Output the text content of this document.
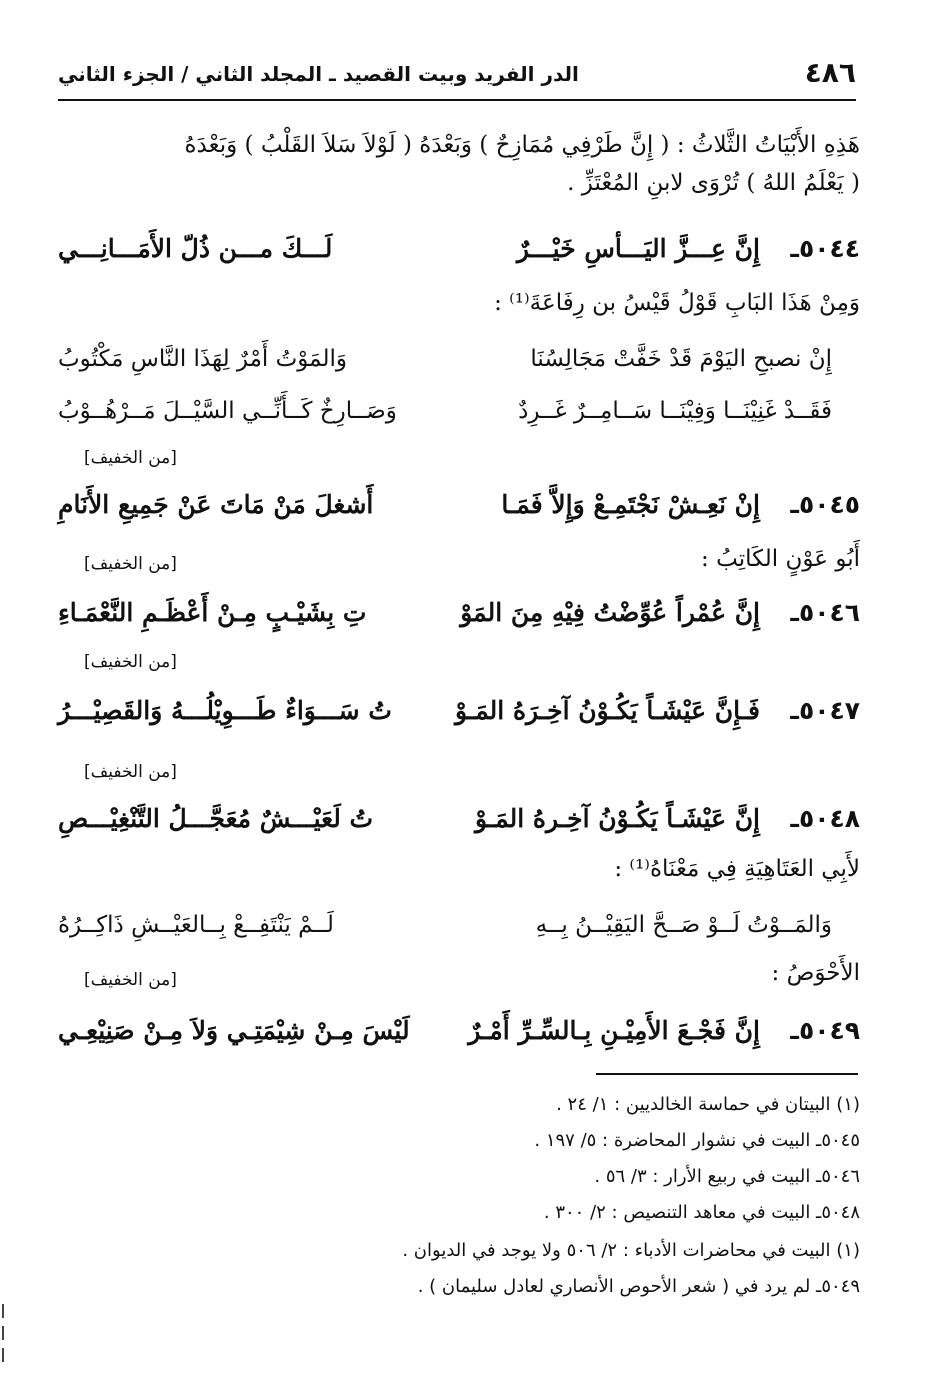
٤٨٦
الدر الفريد وبيت القصيد ـ المجلد الثاني / الجزء الثاني
هَذِهِ الأَبْيَاتُ الثَّلاثُ : ( إِنَّ طَرْفِي مُمَازِحٌ ) وَبَعْدَهُ ( لَوْلاَ سَلاَ القَلْبُ ) وَبَعْدَهُ
( يَعْلَمُ اللهُ ) تُرْوَى لابنِ المُعْتَزِّ .
٥٠٤٤ـ
إِنَّ عِـــزَّ اليَـــأسِ خَيْـــرٌ
لَـــكَ مـــن ذُلّ الأَمَـــانِـــي
وَمِنْ هَذَا البَابِ قَوْلُ قَيْسُ بن رِفَاعَةَ⁽¹⁾ :
إِنْ نصبحِ اليَوْمَ قَدْ خَفَّتْ مَجَالِسُنَا
وَالمَوْتُ أَمْرٌ لِهَذَا النَّاسِ مَكْتُوبُ
فَقَــدْ غَنِيْنَــا وَفِيْنَــا سَــامِــرٌ غَــرِدٌ
وَصَــارِخٌ كَــأَنِّــي السَّيْــلَ مَــرْهُــوْبُ
[من الخفيف]
٥٠٤٥ـ
إِنْ نَعِـشْ نَجْتَمِـعْ وَإِلاَّ فَمَـا
أَشغلَ مَنْ مَاتَ عَنْ جَمِيعِ الأَنَامِ
أَبُو عَوْنٍ الكَاتِبُ :
[من الخفيف]
٥٠٤٦ـ
إِنَّ عُمْراً عُوِّضْتُ فِيْهِ مِنَ المَوْ
تِ بِشَيْـبٍ مِـنْ أَعْظَـمِ النَّعْمَـاءِ
[من الخفيف]
٥٠٤٧ـ
فَـإِنَّ عَيْشَـاً يَكُـوْنُ آخِـرَهُ المَـوْ
تُ سَـــوَاءٌ طَـــوِيْلُـــهُ وَالقَصِيْـــرُ
[من الخفيف]
٥٠٤٨ـ
إِنَّ عَيْشَـاً يَكُـوْنُ آخِـرهُ المَـوْ
تُ لَعَيْـــشٌ مُعَجَّـــلُ التَّنْغِيْـــصِ
لأَبِي العَتَاهِيَةِ فِي مَعْنَاهُ⁽¹⁾ :
وَالمَــوْتُ لَــوْ صَــحَّ اليَقِيْــنُ بِــهِ
لَــمْ يَنْتَفِــعْ بِــالعَيْــشِ ذَاكِــرُهُ
الأَحْوَصُ :
[من الخفيف]
٥٠٤٩ـ
إِنَّ فَجْـعَ الأَمِيْـنِ بِـالسِّـرِّ أَمْـرٌ
لَيْسَ مِـنْ شِيْمَتِـي وَلاَ مِـنْ صَنِيْعِـي
(١) البيتان في حماسة الخالديين : ١/ ٢٤ .
٥٠٤٥ـ البيت في نشوار المحاضرة : ٥/ ١٩٧ .
٥٠٤٦ـ البيت في ربيع الأرار : ٣/ ٥٦ .
٥٠٤٨ـ البيت في معاهد التنصيص : ٢/ ٣٠٠ .
(١) البيت في محاضرات الأدباء : ٢/ ٥٠٦ ولا يوجد في الديوان .
٥٠٤٩ـ لم يرد في ( شعر الأحوص الأنصاري لعادل سليمان ) .
